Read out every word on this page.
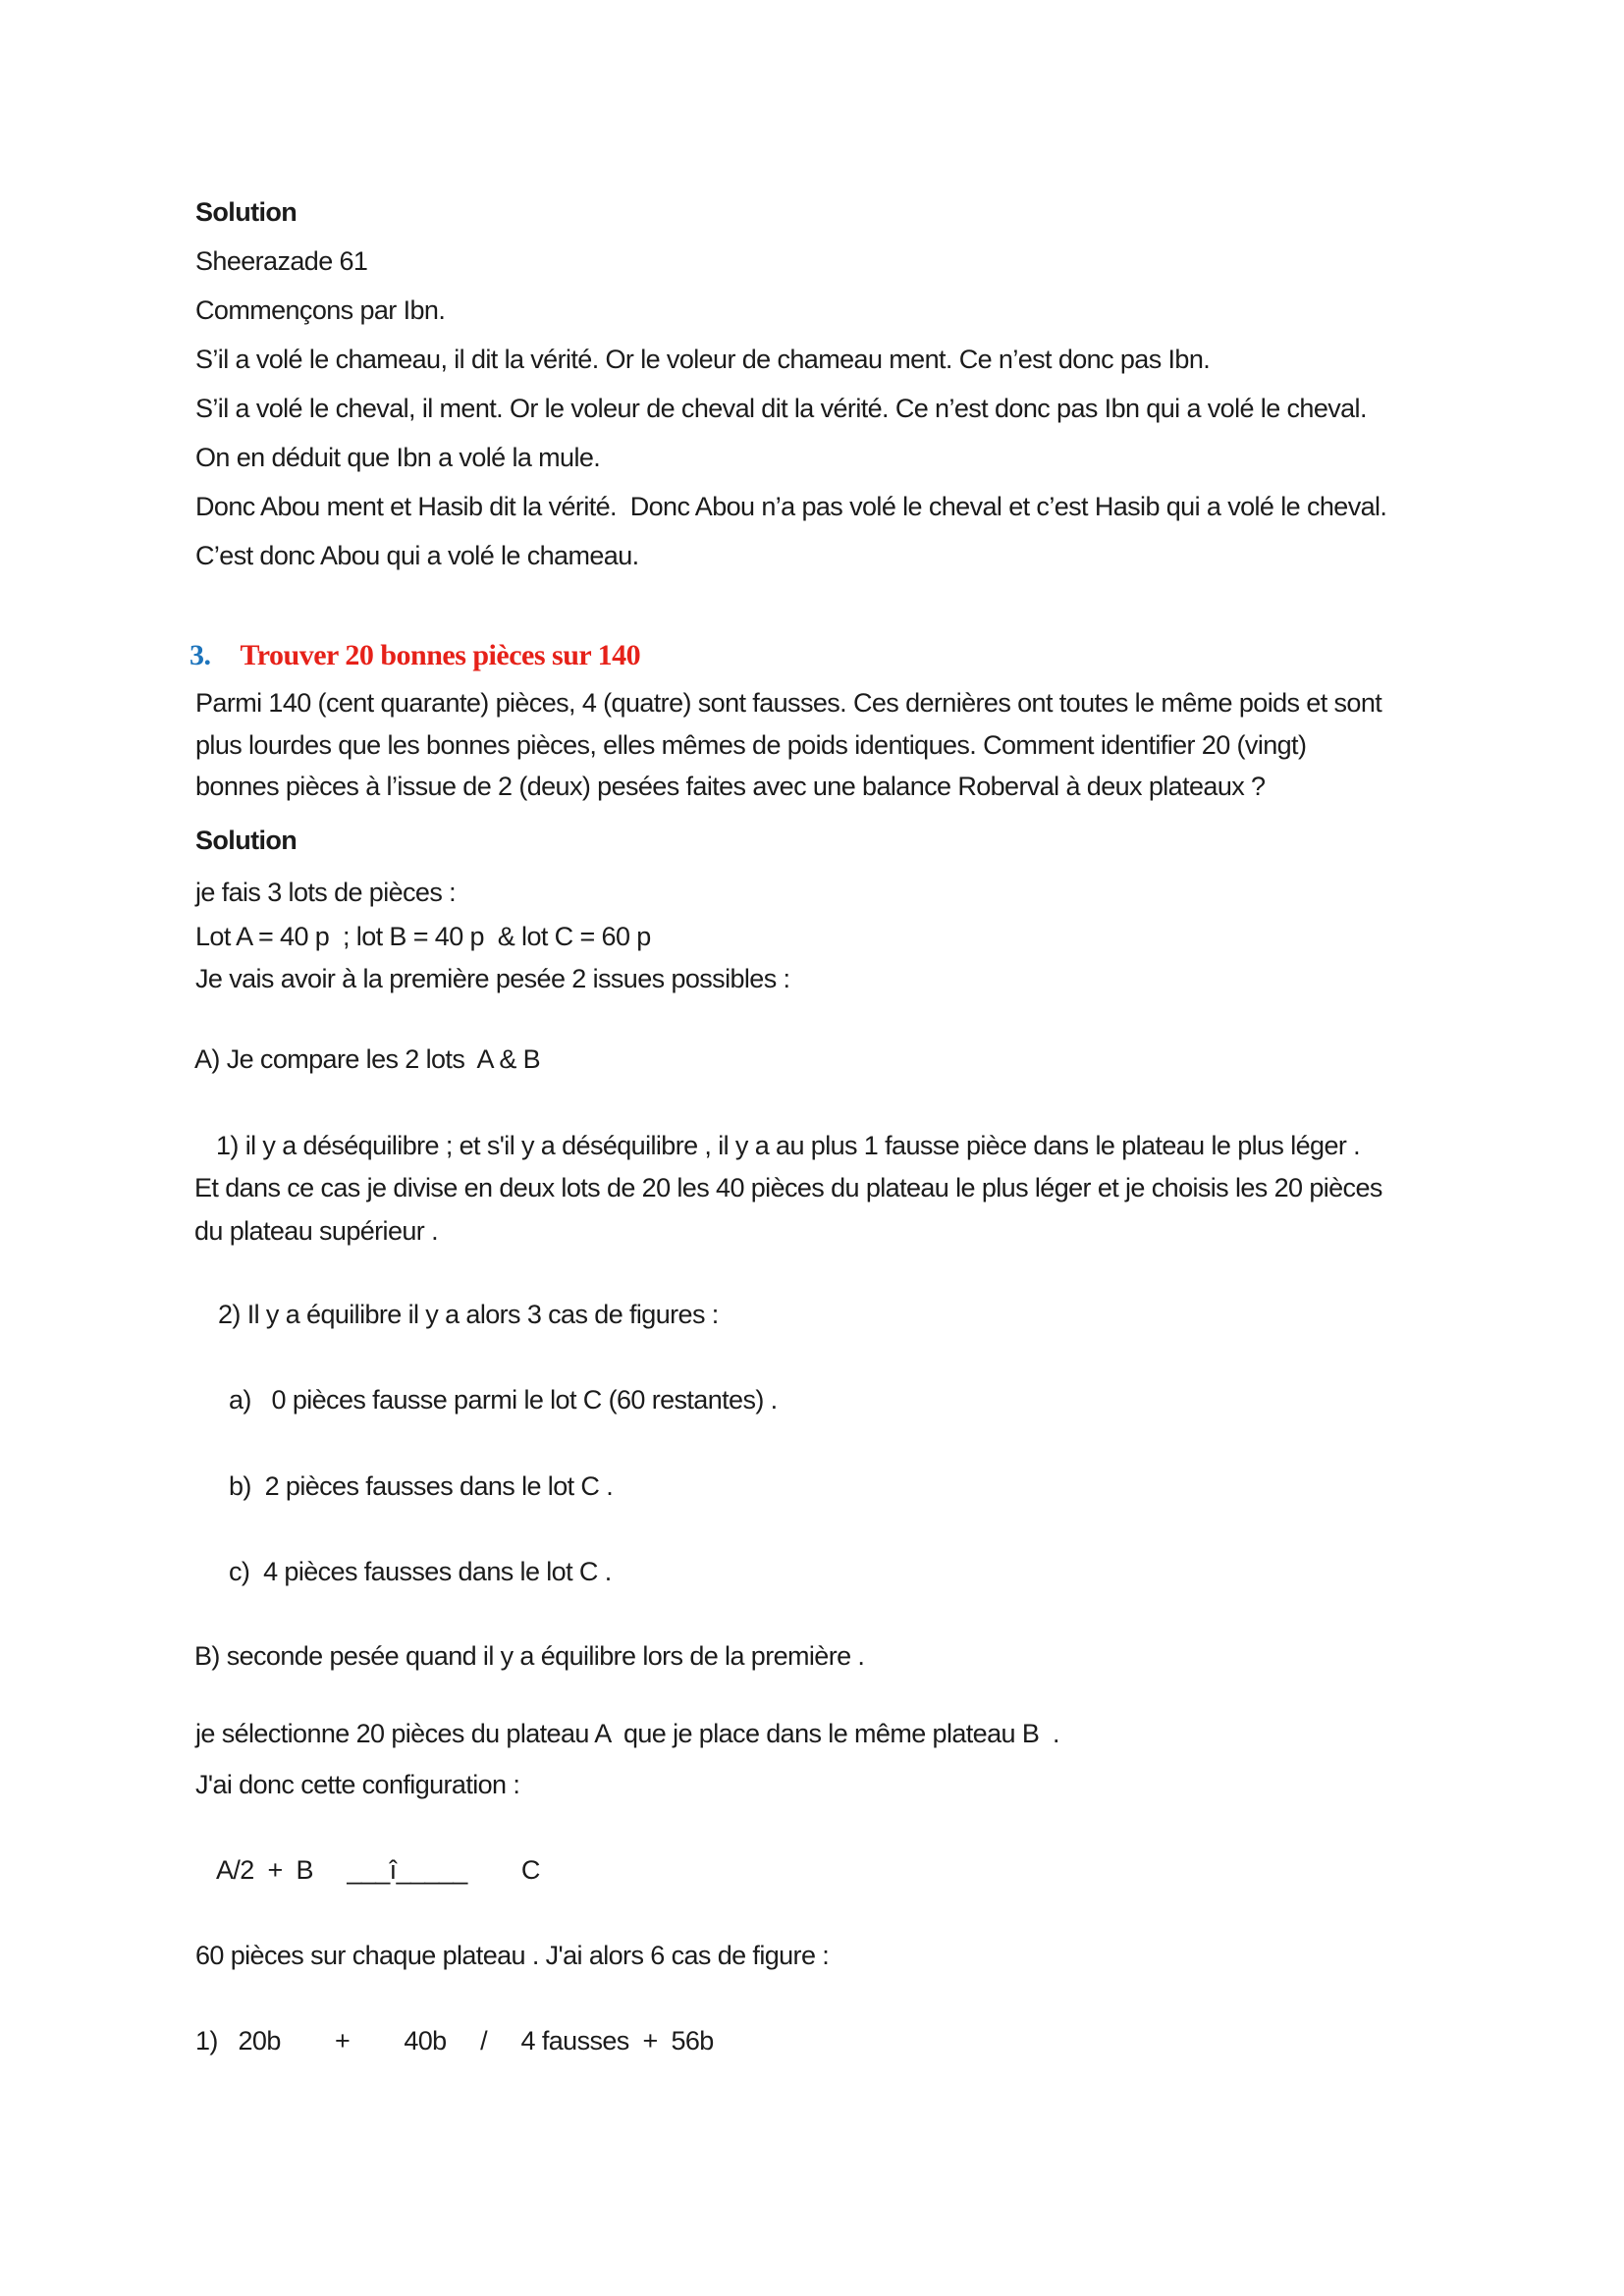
Solution
Sheerazade 61
Commençons par Ibn.
S’il a volé le chameau, il dit la vérité. Or le voleur de chameau ment. Ce n’est donc pas Ibn.
S’il a volé le cheval, il ment. Or le voleur de cheval dit la vérité. Ce n’est donc pas Ibn qui a volé le cheval.
On en déduit que Ibn a volé la mule.
Donc Abou ment et Hasib dit la vérité.  Donc Abou n’a pas volé le cheval et c’est Hasib qui a volé le cheval.
C’est donc Abou qui a volé le chameau.
3. Trouver 20 bonnes pièces sur 140
Parmi 140 (cent quarante) pièces, 4 (quatre) sont fausses. Ces dernières ont toutes le même poids et sont
plus lourdes que les bonnes pièces, elles mêmes de poids identiques. Comment identifier 20 (vingt)
bonnes pièces à l’issue de 2 (deux) pesées faites avec une balance Roberval à deux plateaux ?
Solution
je fais 3 lots de pièces :
Lot A = 40 p  ; lot B = 40 p  & lot C = 60 p
Je vais avoir à la première pesée 2 issues possibles :
A) Je compare les 2 lots  A & B
1) il y a déséquilibre ; et s'il y a déséquilibre , il y a au plus 1 fausse pièce dans le plateau le plus léger .
Et dans ce cas je divise en deux lots de 20 les 40 pièces du plateau le plus léger et je choisis les 20 pièces
du plateau supérieur .
2) Il y a équilibre il y a alors 3 cas de figures :
a)   0 pièces fausse parmi le lot C (60 restantes) .
b)  2 pièces fausses dans le lot C .
c)  4 pièces fausses dans le lot C .
B) seconde pesée quand il y a équilibre lors de la première .
je sélectionne 20 pièces du plateau A  que je place dans le même plateau B  .
J'ai donc cette configuration :
A/2  +  B     ___î_____        C
60 pièces sur chaque plateau . J'ai alors 6 cas de figure :
1)   20b        +        40b     /     4 fausses  +  56b
